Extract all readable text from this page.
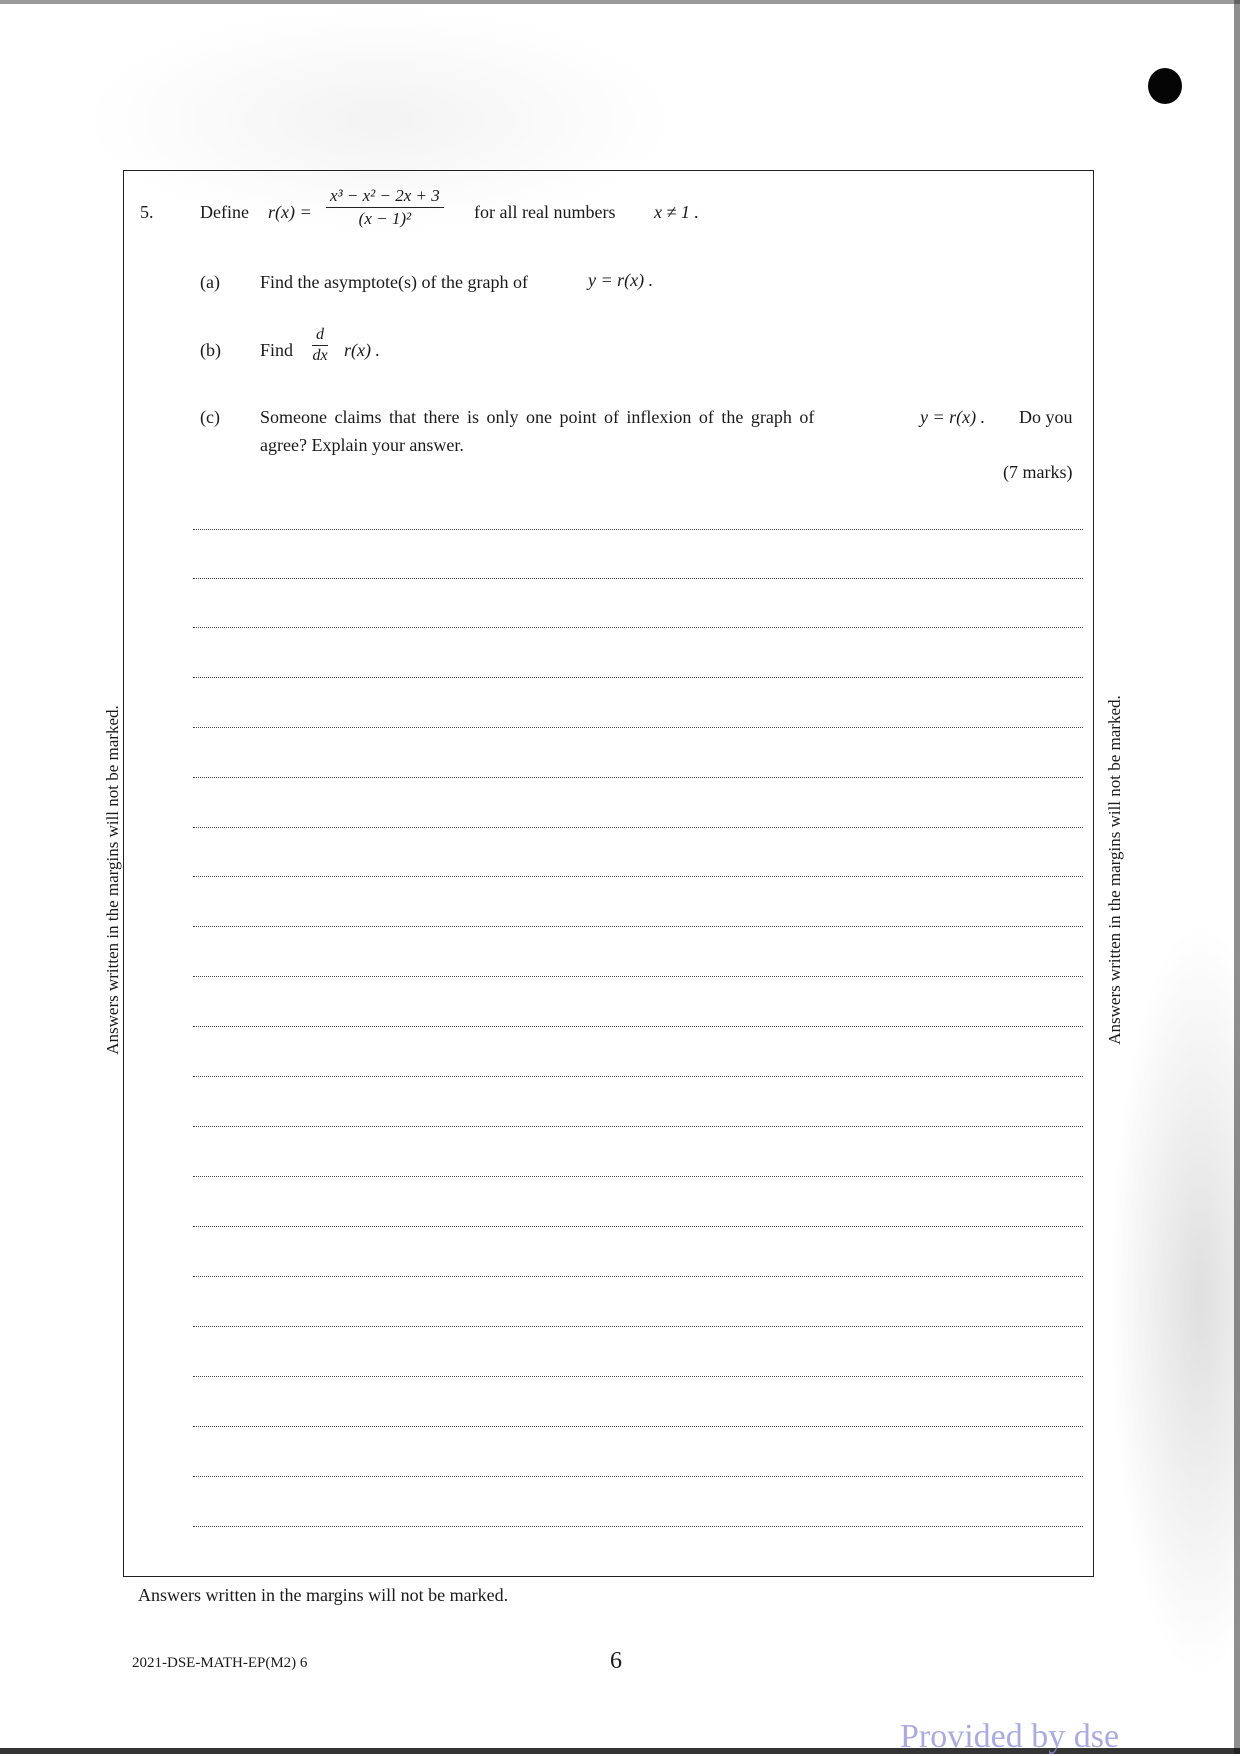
5.	Define r(x) =
x³ − x² − 2x + 3
(x − 1)²	for all real numbers x ≠ 1 .
(a) Find the asymptote(s) of the graph of	y = r(x) .
(b) Find
d
dx r(x) .
(c) Someone claims that there is only one point of inflexion of the graph of	y = r(x) . Do you
agree? Explain your answer.
(7 marks)
Answers written in the margins will not be marked.	Answers written in the margins will not be marked.
Answers written in the margins will not be marked.
2021-DSE-MATH-EP(M2) 6	6
Provided by dse
